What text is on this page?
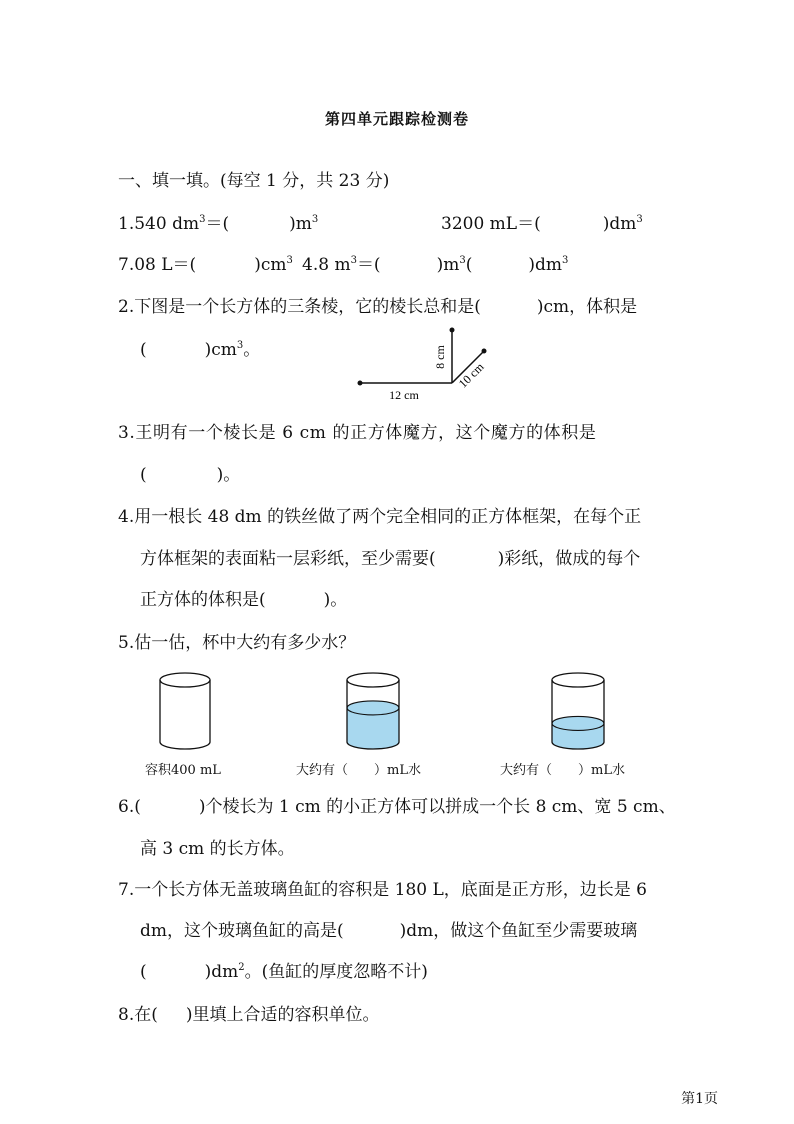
第四单元跟踪检测卷
一、填一填。(每空 1 分，共 23 分)
1.540 $dm^3=$(	)$m^3$	3200 mL＝(	)$dm^3$
7.08 L＝(	)$cm^3$ 4.8 $m^3=$(	)$m^3$(	)$dm^3$
2.下图是一个长方体的三条棱，它的棱长总和是(	)cm，体积是
(	)$cm^3$。	8 cm
12 cm
10 cm
3.王明有一个棱长是 6 cm 的正方体魔方，这个魔方的体积是
(	)。
4.用一根长 48 dm 的铁丝做了两个完全相同的正方体框架，在每个正
方体框架的表面粘一层彩纸，至少需要(	)彩纸，做成的每个
正方体的体积是(	)。
5.估一估，杯中大约有多少水？
容积400 mL	大约有（ ）mL水	大约有（ ）mL水
6.(	)个棱长为 1 cm 的小正方体可以拼成一个长 8 cm、宽 5 cm、
高 3 cm 的长方体。
7.一个长方体无盖玻璃鱼缸的容积是 180 L，底面是正方形，边长是 6
dm，这个玻璃鱼缸的高是(	)dm，做这个鱼缸至少需要玻璃
(	)$dm^2$。(鱼缸的厚度忽略不计)
8.在( )里填上合适的容积单位。
第1页
